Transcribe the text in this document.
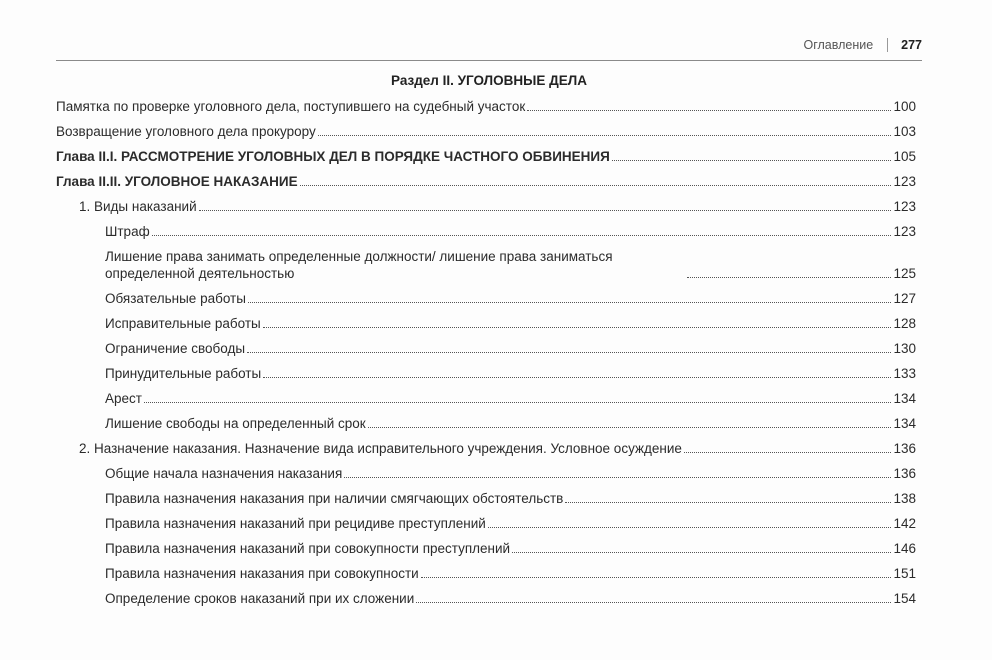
Оглавление 277
Раздел II. УГОЛОВНЫЕ ДЕЛА
Памятка по проверке уголовного дела, поступившего на судебный участок	100
Возвращение уголовного дела прокурору	103
Глава II.I. РАССМОТРЕНИЕ УГОЛОВНЫХ ДЕЛ В ПОРЯДКЕ ЧАСТНОГО ОБВИНЕНИЯ	105
Глава II.II. УГОЛОВНОЕ НАКАЗАНИЕ	123
1. Виды наказаний	123
Штраф	123
Лишение права занимать определенные должности/ лишение права заниматься определенной деятельностью	125
Обязательные работы	127
Исправительные работы	128
Ограничение свободы	130
Принудительные работы	133
Арест	134
Лишение свободы на определенный срок	134
2. Назначение наказания. Назначение вида исправительного учреждения. Условное осуждение	136
Общие начала назначения наказания	136
Правила назначения наказания при наличии смягчающих обстоятельств	138
Правила назначения наказаний при рецидиве преступлений	142
Правила назначения наказаний при совокупности преступлений	146
Правила назначения наказания при совокупности	151
Определение сроков наказаний при их сложении	154
